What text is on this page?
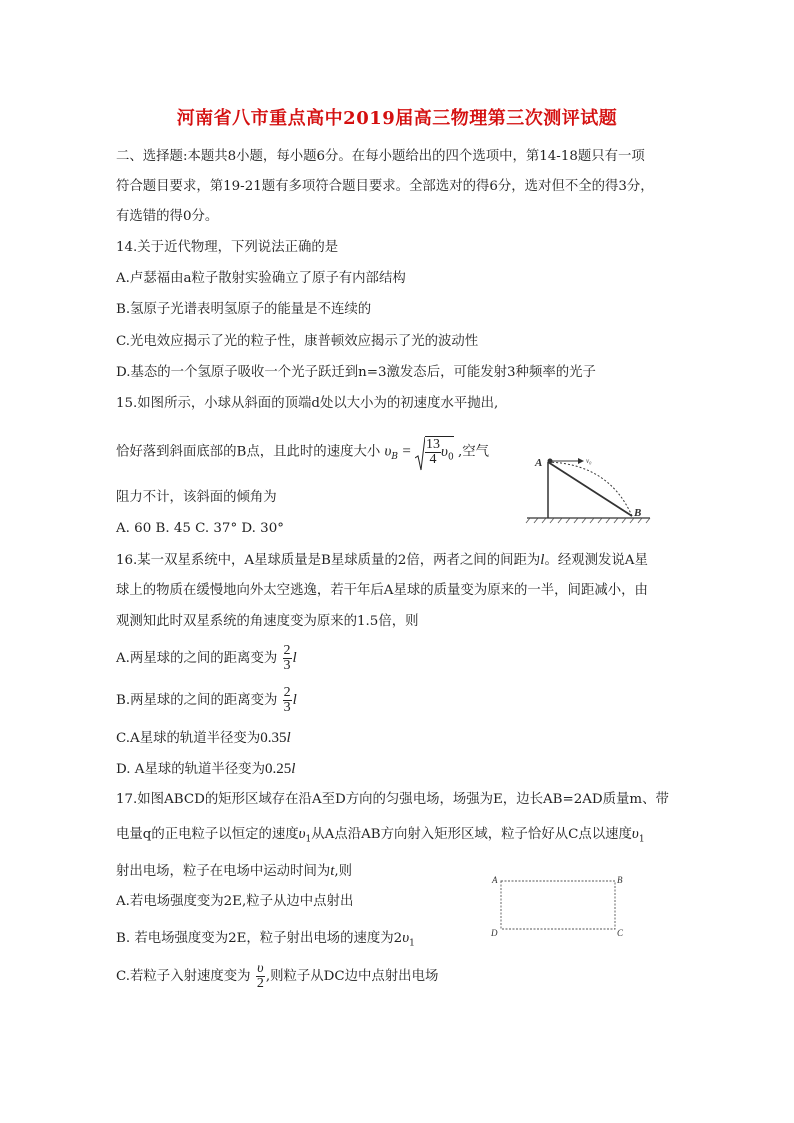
河南省八市重点高中2019届高三物理第三次测评试题
二、选择题:本题共8小题，每小题6分。在每小题给出的四个选项中，第14-18题只有一项
符合题目要求，第19-21题有多项符合题目要求。全部选对的得6分，选对但不全的得3分，
有选错的得0分。
14.关于近代物理，下列说法正确的是
A.卢瑟福由a粒子散射实验确立了原子有内部结构
B.氢原子光谱表明氢原子的能量是不连续的
C.光电效应揭示了光的粒子性，康普顿效应揭示了光的波动性
D.基态的一个氢原子吸收一个光子跃迁到n=3激发态后，可能发射3种频率的光子
15.如图所示，小球从斜面的顶端d处以大小为的初速度水平抛出,
恰好落到斜面底部的B点，且此时的速度大小 $\upsilon_B = \frac{13}{4} \upsilon_0$ ,空气
阻力不计，该斜面的倾角为
A. 60 B. 45 C. 37° D. 30°
A	v₀
B
16.某一双星系统中，A星球质量是B星球质量的2倍，两者之间的间距为l。经观测发说A星
球上的物质在缓慢地向外太空逃逸，若干年后A星球的质量变为原来的一半，间距减小，由
观测知此时双星系统的角速度变为原来的1.5倍，则
A.两星球的之间的距离变为 $\frac{2}{3}$ l
B.两星球的之间的距离变为 $\frac{2}{3}$ l
C.A星球的轨道半径变为0.35l
D. A星球的轨道半径变为0.25l
17.如图ABCD的矩形区域存在沿A至D方向的匀强电场，场强为E，边长AB=2AD质量m、带
电量q的正电粒子以恒定的速度$\upsilon_1$从A点沿AB方向射入矩形区域，粒子恰好从C点以速度$\upsilon_1$
射出电场，粒子在电场中运动时间为t,则
A.若电场强度变为2E,粒子从边中点射出
B. 若电场强度变为2E，粒子射出电场的速度为$2\upsilon_1$
C.若粒子入射速度变为 $\frac{\upsilon}{2}$ ,则粒子从DC边中点射出电场
A	B
C
D
